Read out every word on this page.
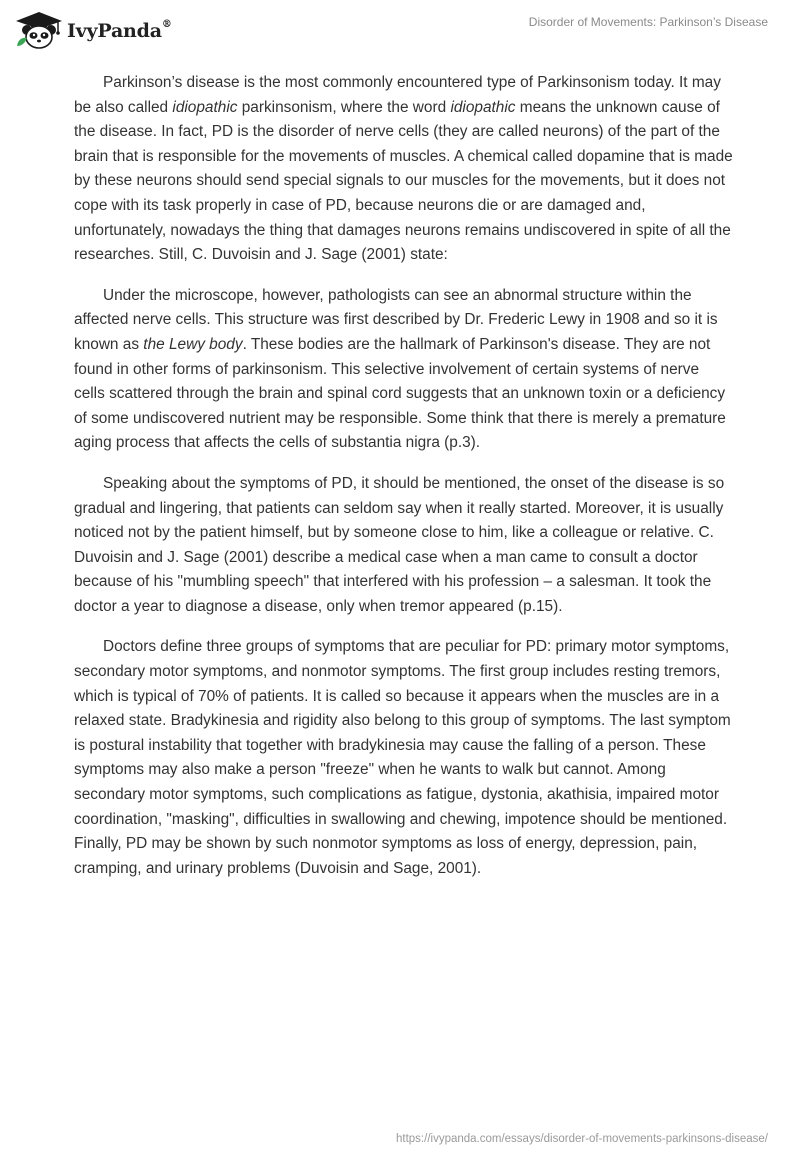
IvyPanda®	Disorder of Movements: Parkinson’s Disease

Parkinson’s disease is the most commonly encountered type of Parkinsonism today. It may be also called idiopathic parkinsonism, where the word idiopathic means the unknown cause of the disease. In fact, PD is the disorder of nerve cells (they are called neurons) of the part of the brain that is responsible for the movements of muscles. A chemical called dopamine that is made by these neurons should send special signals to our muscles for the movements, but it does not cope with its task properly in case of PD, because neurons die or are damaged and, unfortunately, nowadays the thing that damages neurons remains undiscovered in spite of all the researches. Still, C. Duvoisin and J. Sage (2001) state:

Under the microscope, however, pathologists can see an abnormal structure within the affected nerve cells. This structure was first described by Dr. Frederic Lewy in 1908 and so it is known as the Lewy body. These bodies are the hallmark of Parkinson's disease. They are not found in other forms of parkinsonism. This selective involvement of certain systems of nerve cells scattered through the brain and spinal cord suggests that an unknown toxin or a deficiency of some undiscovered nutrient may be responsible. Some think that there is merely a premature aging process that affects the cells of substantia nigra (p.3).

Speaking about the symptoms of PD, it should be mentioned, the onset of the disease is so gradual and lingering, that patients can seldom say when it really started. Moreover, it is usually noticed not by the patient himself, but by someone close to him, like a colleague or relative. C. Duvoisin and J. Sage (2001) describe a medical case when a man came to consult a doctor because of his "mumbling speech" that interfered with his profession – a salesman. It took the doctor a year to diagnose a disease, only when tremor appeared (p.15).

Doctors define three groups of symptoms that are peculiar for PD: primary motor symptoms, secondary motor symptoms, and nonmotor symptoms. The first group includes resting tremors, which is typical of 70% of patients. It is called so because it appears when the muscles are in a relaxed state. Bradykinesia and rigidity also belong to this group of symptoms. The last symptom is postural instability that together with bradykinesia may cause the falling of a person. These symptoms may also make a person "freeze" when he wants to walk but cannot. Among secondary motor symptoms, such complications as fatigue, dystonia, akathisia, impaired motor coordination, "masking", difficulties in swallowing and chewing, impotence should be mentioned. Finally, PD may be shown by such nonmotor symptoms as loss of energy, depression, pain, cramping, and urinary problems (Duvoisin and Sage, 2001).

https://ivypanda.com/essays/disorder-of-movements-parkinsons-disease/
